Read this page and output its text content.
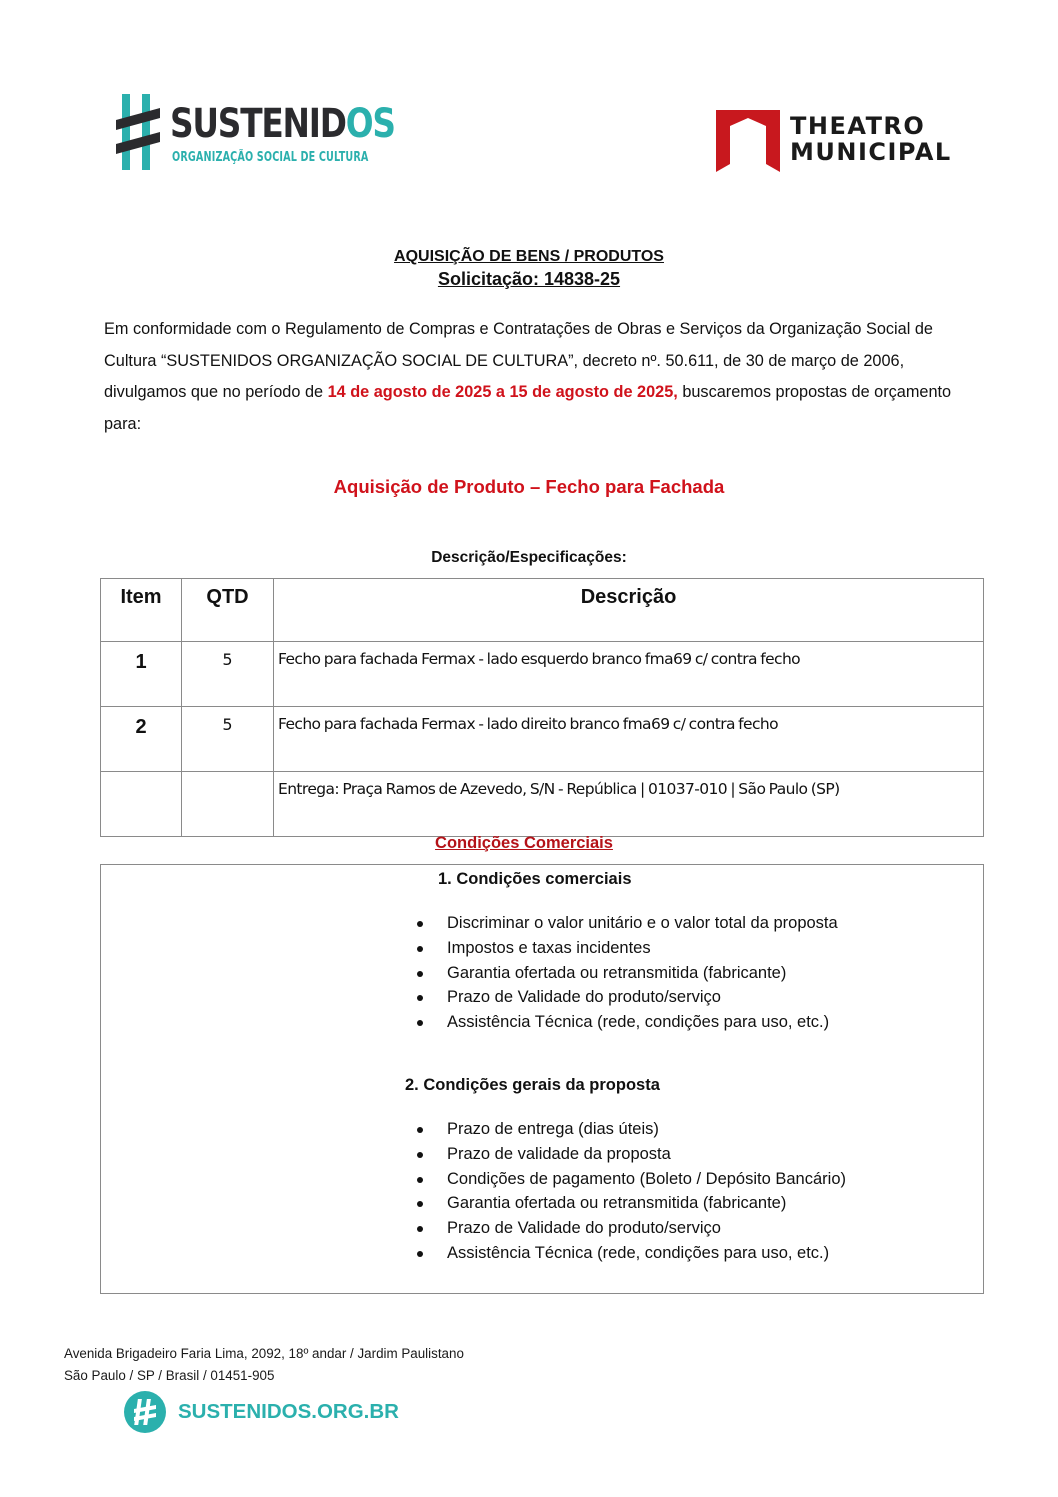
SUSTENIDOS
ORGANIZAÇÃO SOCIAL DE CULTURA
THEATRO
MUNICIPAL
AQUISIÇÃO DE BENS / PRODUTOS
Solicitação: 14838-25
Em conformidade com o Regulamento de Compras e Contratações de Obras e Serviços da Organização Social de Cultura “SUSTENIDOS ORGANIZAÇÃO SOCIAL DE CULTURA”, decreto nº. 50.611, de 30 de março de 2006, divulgamos que no período de 14 de agosto de 2025 a 15 de agosto de 2025, buscaremos propostas de orçamento para:
Aquisição de Produto – Fecho para Fachada
Descrição/Especificações:
Item	QTD	Descrição
1	5	Fecho para fachada Fermax - lado esquerdo branco fma69 c/ contra fecho
2	5	Fecho para fachada Fermax - lado direito branco fma69 c/ contra fecho
		Entrega: Praça Ramos de Azevedo, S/N - República | 01037-010 | São Paulo (SP)
Condições Comerciais
1. Condições comerciais
Discriminar o valor unitário e o valor total da proposta
Impostos e taxas incidentes
Garantia ofertada ou retransmitida (fabricante)
Prazo de Validade do produto/serviço
Assistência Técnica (rede, condições para uso, etc.)
2. Condições gerais da proposta
Prazo de entrega (dias úteis)
Prazo de validade da proposta
Condições de pagamento (Boleto / Depósito Bancário)
Garantia ofertada ou retransmitida (fabricante)
Prazo de Validade do produto/serviço
Assistência Técnica (rede, condições para uso, etc.)
Avenida Brigadeiro Faria Lima, 2092, 18º andar / Jardim Paulistano
São Paulo / SP / Brasil / 01451-905
SUSTENIDOS.ORG.BR
